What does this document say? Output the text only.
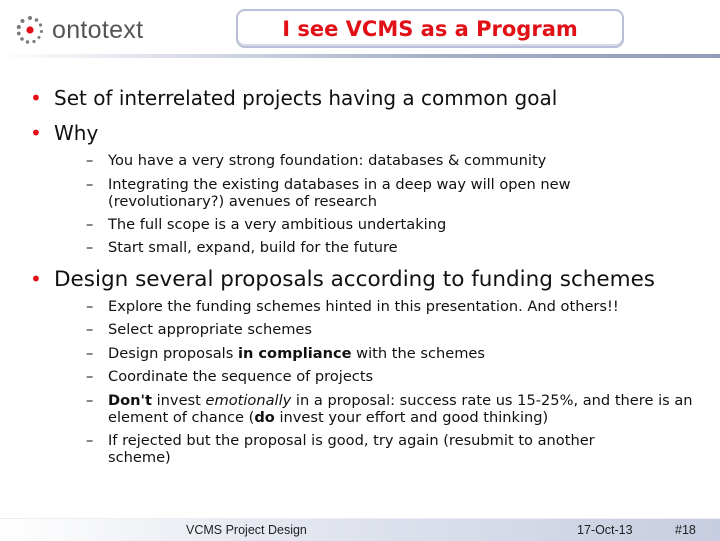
ontotext	I see VCMS as a Program
• Set of interrelated projects having a common goal
• Why
– You have a very strong foundation: databases & community
– Integrating the existing databases in a deep way will open new (revolutionary?) avenues of research
– The full scope is a very ambitious undertaking
– Start small, expand, build for the future
• Design several proposals according to funding schemes
– Explore the funding schemes hinted in this presentation. And others!!
– Select appropriate schemes
– Design proposals in compliance with the schemes
– Coordinate the sequence of projects
– Don't invest emotionally in a proposal: success rate us 15-25%, and there is an element of chance (do invest your effort and good thinking)
– If rejected but the proposal is good, try again (resubmit to another scheme)
VCMS Project Design	17-Oct-13	#18
